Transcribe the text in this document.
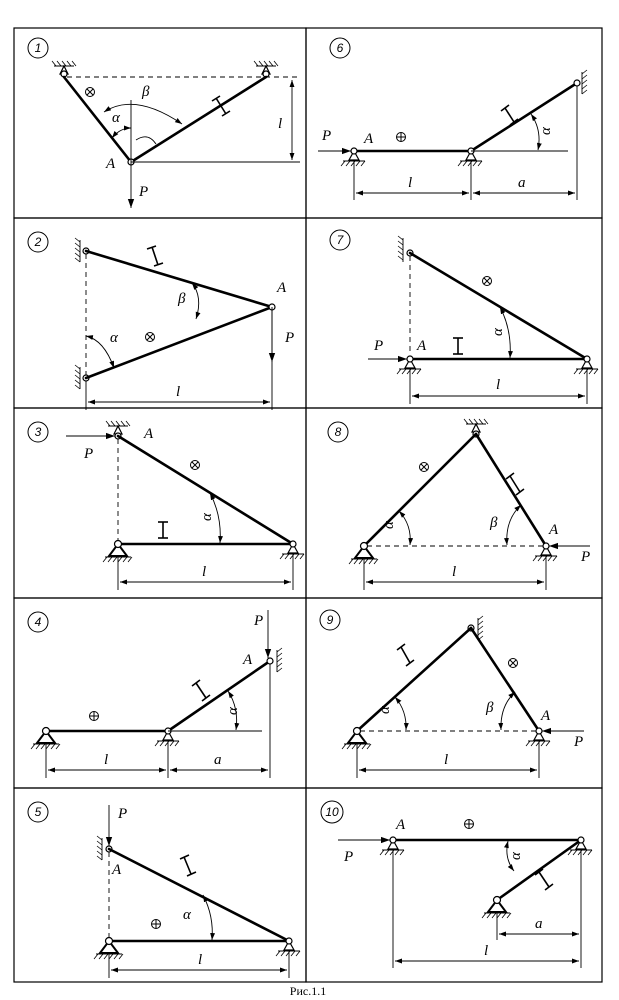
1
A
P
α
β
l
6
P A	α
l	a
2
A
P
β
α
l
7
P A
α
l
3	A
P
α
l
8
A
P
α	β
l
4
A
P
α
l	a
9
A
P
α	β
l
5	P
A
α
l
10
P
A
α
a
l
Рис.1.1
